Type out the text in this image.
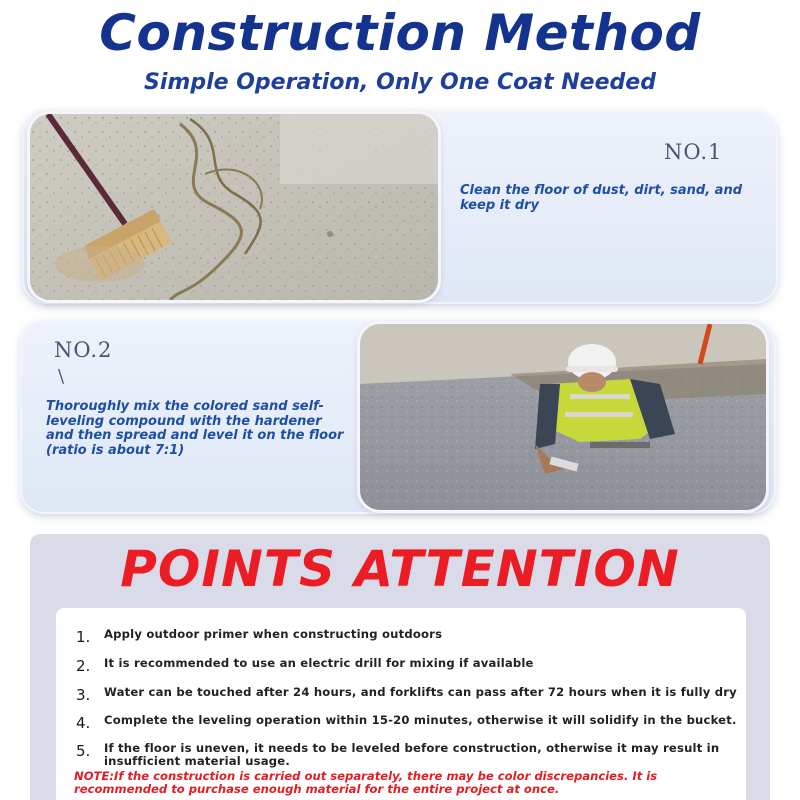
Construction Method
Simple Operation, Only One Coat Needed
NO.1
Clean the floor of dust, dirt, sand, and keep it dry
NO.2
\
Thoroughly mix the colored sand self-leveling compound with the hardener and then spread and level it on the floor (ratio is about 7:1)
POINTS ATTENTION
1.	Apply outdoor primer when constructing outdoors
2.	It is recommended to use an electric drill for mixing if available
3.	Water can be touched after 24 hours, and forklifts can pass after 72 hours when it is fully dry
4.	Complete the leveling operation within 15-20 minutes, otherwise it will solidify in the bucket.
5.	If the floor is uneven, it needs to be leveled before construction, otherwise it may result in insufficient material usage.
NOTE:If the construction is carried out separately, there may be color discrepancies. It is recommended to purchase enough material for the entire project at once.
